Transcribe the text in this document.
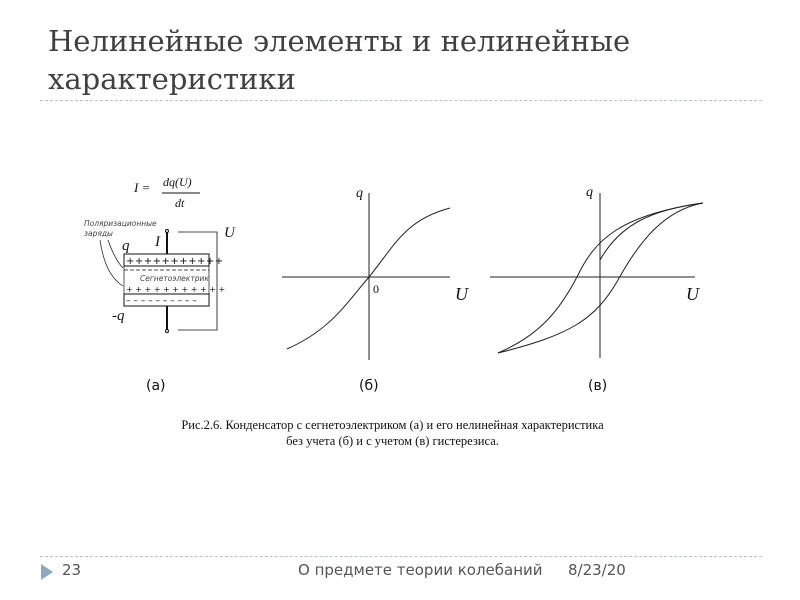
Нелинейные элементы и нелинейные характеристики
I = dq(U)
dt
+++++++++++
Сегнетоэлектрик
+ + + + + + + + + + +
– – – – – – – – – –
Поляризационные
заряды
q
-q
I
U
q
0	U
q
U
(а)	(б)	(в)
Рис.2.6. Конденсатор с сегнетоэлектриком (а) и его нелинейная характеристика
без учета (б) и с учетом (в) гистерезиса.
23	О предмете теории колебаний 8/23/20
